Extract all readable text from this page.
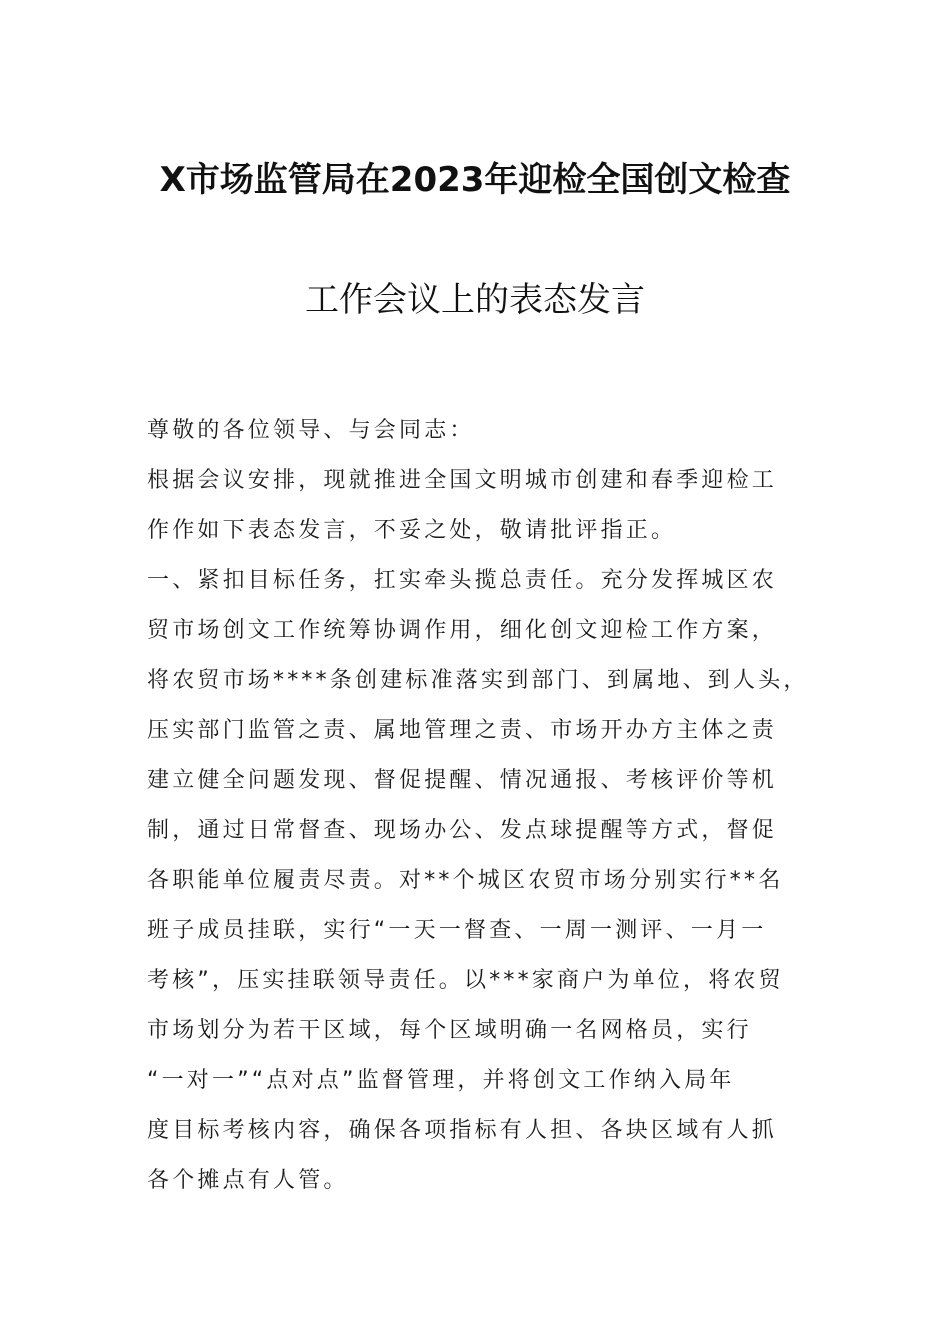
X市场监管局在2023年迎检全国创文检查
工作会议上的表态发言
尊敬的各位领导、与会同志：
根据会议安排，现就推进全国文明城市创建和春季迎检工
作作如下表态发言，不妥之处，敬请批评指正。
一、紧扣目标任务，扛实牵头揽总责任。充分发挥城区农
贸市场创文工作统筹协调作用，细化创文迎检工作方案，
将农贸市场****条创建标准落实到部门、到属地、到人头，
压实部门监管之责、属地管理之责、市场开办方主体之责
建立健全问题发现、督促提醒、情况通报、考核评价等机
制，通过日常督查、现场办公、发点球提醒等方式，督促
各职能单位履责尽责。对**个城区农贸市场分别实行**名
班子成员挂联，实行“一天一督查、一周一测评、一月一
考核”，压实挂联领导责任。以***家商户为单位，将农贸
市场划分为若干区域，每个区域明确一名网格员，实行
“一对一”“点对点”监督管理，并将创文工作纳入局年
度目标考核内容，确保各项指标有人担、各块区域有人抓
各个摊点有人管。
